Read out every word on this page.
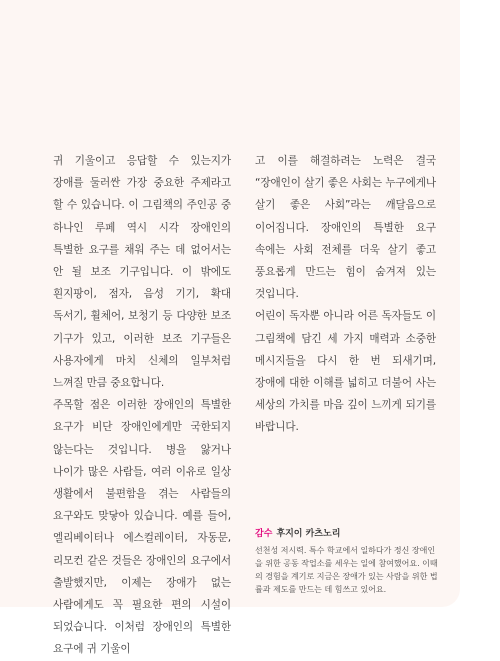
귀 기울이고 응답할 수 있는지가 장애를 둘러싼 가장 중요한 주제라고 할 수 있습니다. 이 그림책의 주인공 중 하나인 루페 역시 시각 장애인의 특별한 요구를 채워 주는 데 없어서는 안 될 보조 기구입니다. 이 밖에도 흰지팡이, 점자, 음성 기기, 확대 독서기, 휠체어, 보청기 등 다양한 보조 기구가 있고, 이러한 보조 기구들은 사용자에게 마치 신체의 일부처럼 느껴질 만큼 중요합니다.

주목할 점은 이러한 장애인의 특별한 요구가 비단 장애인에게만 국한되지 않는다는 것입니다. 병을 앓거나 나이가 많은 사람들, 여러 이유로 일상 생활에서 불편함을 겪는 사람들의 요구와도 맞닿아 있습니다. 예를 들어, 엘리베이터나 에스컬레이터, 자동문, 리모컨 같은 것들은 장애인의 요구에서 출발했지만, 이제는 장애가 없는 사람에게도 꼭 필요한 편의 시설이 되었습니다. 이처럼 장애인의 특별한 요구에 귀 기울이

고 이를 해결하려는 노력은 결국 “장애인이 살기 좋은 사회는 누구에게나 살기 좋은 사회”라는 깨달음으로 이어집니다. 장애인의 특별한 요구 속에는 사회 전체를 더욱 살기 좋고 풍요롭게 만드는 힘이 숨겨져 있는 것입니다.

어린이 독자뿐 아니라 어른 독자들도 이 그림책에 담긴 세 가지 매력과 소중한 메시지들을 다시 한 번 되새기며, 장애에 대한 이해를 넓히고 더불어 사는 세상의 가치를 마음 깊이 느끼게 되기를 바랍니다.

감수 후지이 카츠노리
선천성 저시력. 특수 학교에서 일하다가 정신 장애인을 위한 공동 작업소를 세우는 일에 참여했어요. 이때의 경험을 계기로 지금은 장애가 있는 사람을 위한 법률과 제도를 만드는 데 힘쓰고 있어요.
